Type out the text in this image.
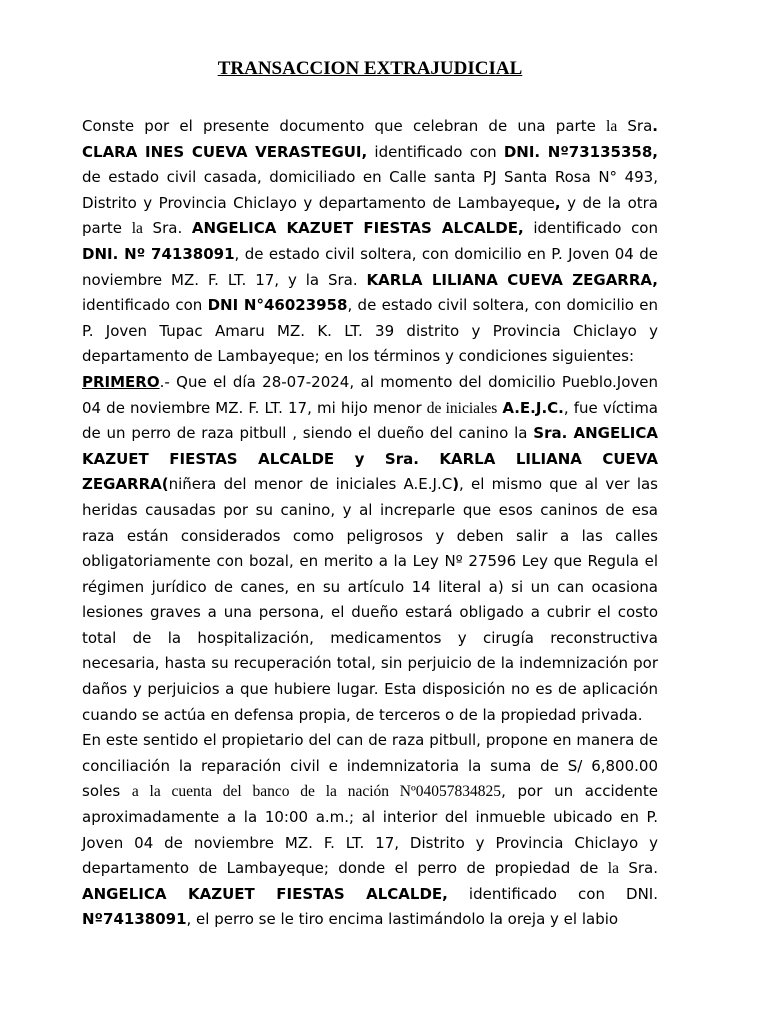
TRANSACCION EXTRAJUDICIAL

Conste por el presente documento que celebran de una parte la Sra. CLARA INES CUEVA VERASTEGUI, identificado con DNI. Nº73135358, de estado civil casada, domiciliado en Calle santa PJ Santa Rosa N° 493, Distrito y Provincia Chiclayo y departamento de Lambayeque, y de la otra parte la Sra. ANGELICA KAZUET FIESTAS ALCALDE, identificado con DNI. Nº 74138091, de estado civil soltera, con domicilio en P. Joven 04 de noviembre MZ. F. LT. 17, y la Sra. KARLA LILIANA CUEVA ZEGARRA, identificado con DNI N°46023958, de estado civil soltera, con domicilio en P. Joven Tupac Amaru MZ. K. LT. 39 distrito y Provincia Chiclayo y departamento de Lambayeque; en los términos y condiciones siguientes:

PRIMERO.- Que el día 28-07-2024, al momento del domicilio Pueblo.Joven 04 de noviembre MZ. F. LT. 17, mi hijo menor de iniciales A.E.J.C., fue víctima de un perro de raza pitbull , siendo el dueño del canino la Sra. ANGELICA KAZUET FIESTAS ALCALDE y Sra. KARLA LILIANA CUEVA ZEGARRA(niñera del menor de iniciales A.E.J.C), el mismo que al ver las heridas causadas por su canino, y al increparle que esos caninos de esa raza están considerados como peligrosos y deben salir a las calles obligatoriamente con bozal, en merito a la Ley Nº 27596 Ley que Regula el régimen jurídico de canes, en su artículo 14 literal a) si un can ocasiona lesiones graves a una persona, el dueño estará obligado a cubrir el costo total de la hospitalización, medicamentos y cirugía reconstructiva necesaria, hasta su recuperación total, sin perjuicio de la indemnización por daños y perjuicios a que hubiere lugar. Esta disposición no es de aplicación cuando se actúa en defensa propia, de terceros o de la propiedad privada.

En este sentido el propietario del can de raza pitbull, propone en manera de conciliación la reparación civil e indemnizatoria la suma de S/ 6,800.00 soles a la cuenta del banco de la nación Nº04057834825, por un accidente aproximadamente a la 10:00 a.m.; al interior del inmueble ubicado en P. Joven 04 de noviembre MZ. F. LT. 17, Distrito y Provincia Chiclayo y departamento de Lambayeque; donde el perro de propiedad de la Sra. ANGELICA KAZUET FIESTAS ALCALDE, identificado con DNI. Nº74138091, el perro se le tiro encima lastimándolo la oreja y el labio
